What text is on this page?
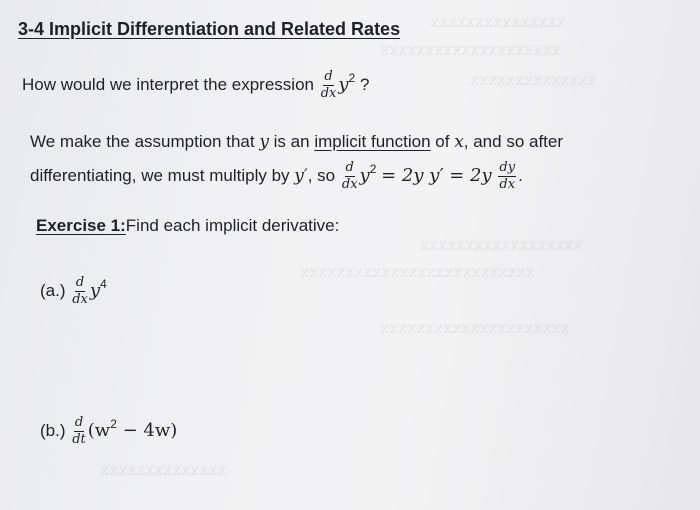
xxxxxxxxxxxxxxx
xxxxxxxxxxxxxxxxxxxx
xxxxxxxxxxxxxx
xxxxxxxxxxxxxxxxxx
xxxxxxxxxxxxxxxxxxxxxxxxxx
xxxxxxxxxxxxxxxxxxxxx
xxxxxxxxxxxxxx
3-4 Implicit Differentiation and Related Rates
How would we interpret the expression $\frac{d}{dx} y^2$ ?
We make the assumption that y is an implicit function of x, and so after
differentiating, we must multiply by y′, so $\frac{d}{dx} y^2 = 2y$ $y' = 2y \frac{dy}{dx}$ .
Exercise 1:Find each implicit derivative:
$(a.) \frac{d}{dx} y^4$
$(b.) \frac{d}{dt} (w^2 - 4w)$
